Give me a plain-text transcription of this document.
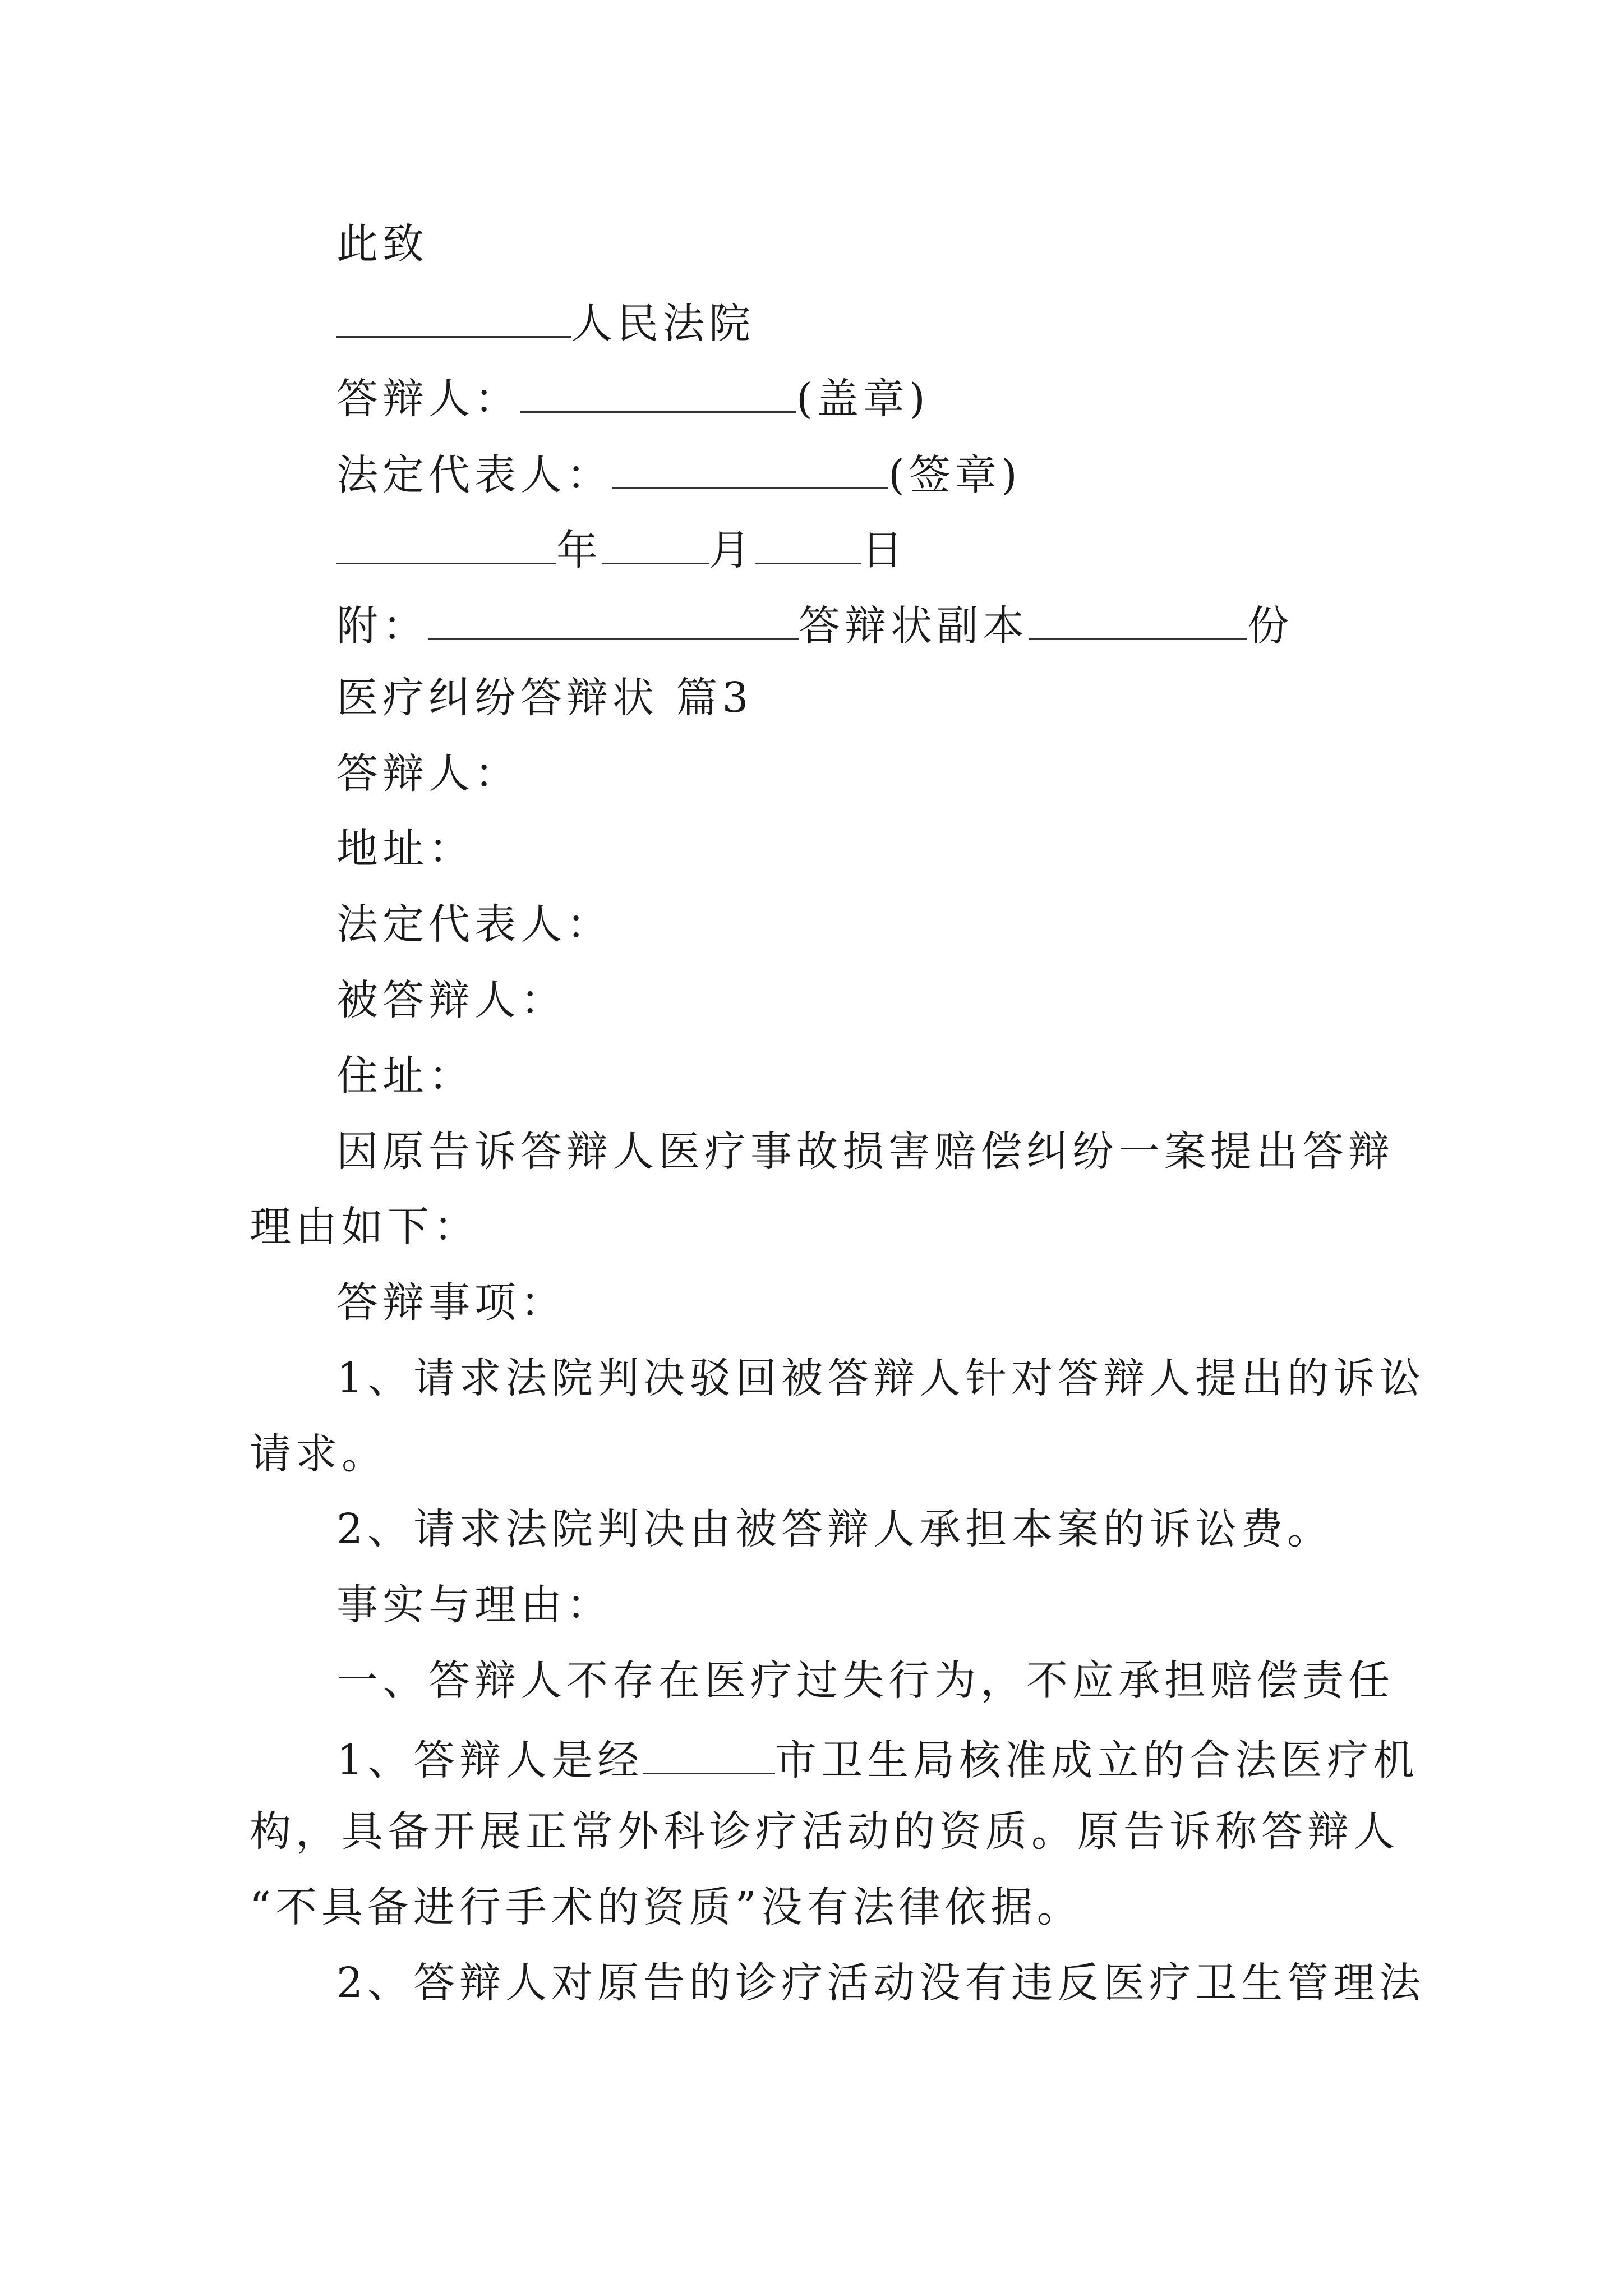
此致
人民法院
答辩人：	(盖章)
法定代表人：	(签章)
年	月	日
附：	答辩状副本	份
医疗纠纷答辩状 篇3
答辩人：
地址：
法定代表人：
被答辩人：
住址：
因原告诉答辩人医疗事故损害赔偿纠纷一案提出答辩
理由如下：
答辩事项：
1、请求法院判决驳回被答辩人针对答辩人提出的诉讼
请求。
2、请求法院判决由被答辩人承担本案的诉讼费。
事实与理由：
一、答辩人不存在医疗过失行为，不应承担赔偿责任
1、答辩人是经	市卫生局核准成立的合法医疗机
构，具备开展正常外科诊疗活动的资质。原告诉称答辩人
“不具备进行手术的资质”没有法律依据。
2、答辩人对原告的诊疗活动没有违反医疗卫生管理法
